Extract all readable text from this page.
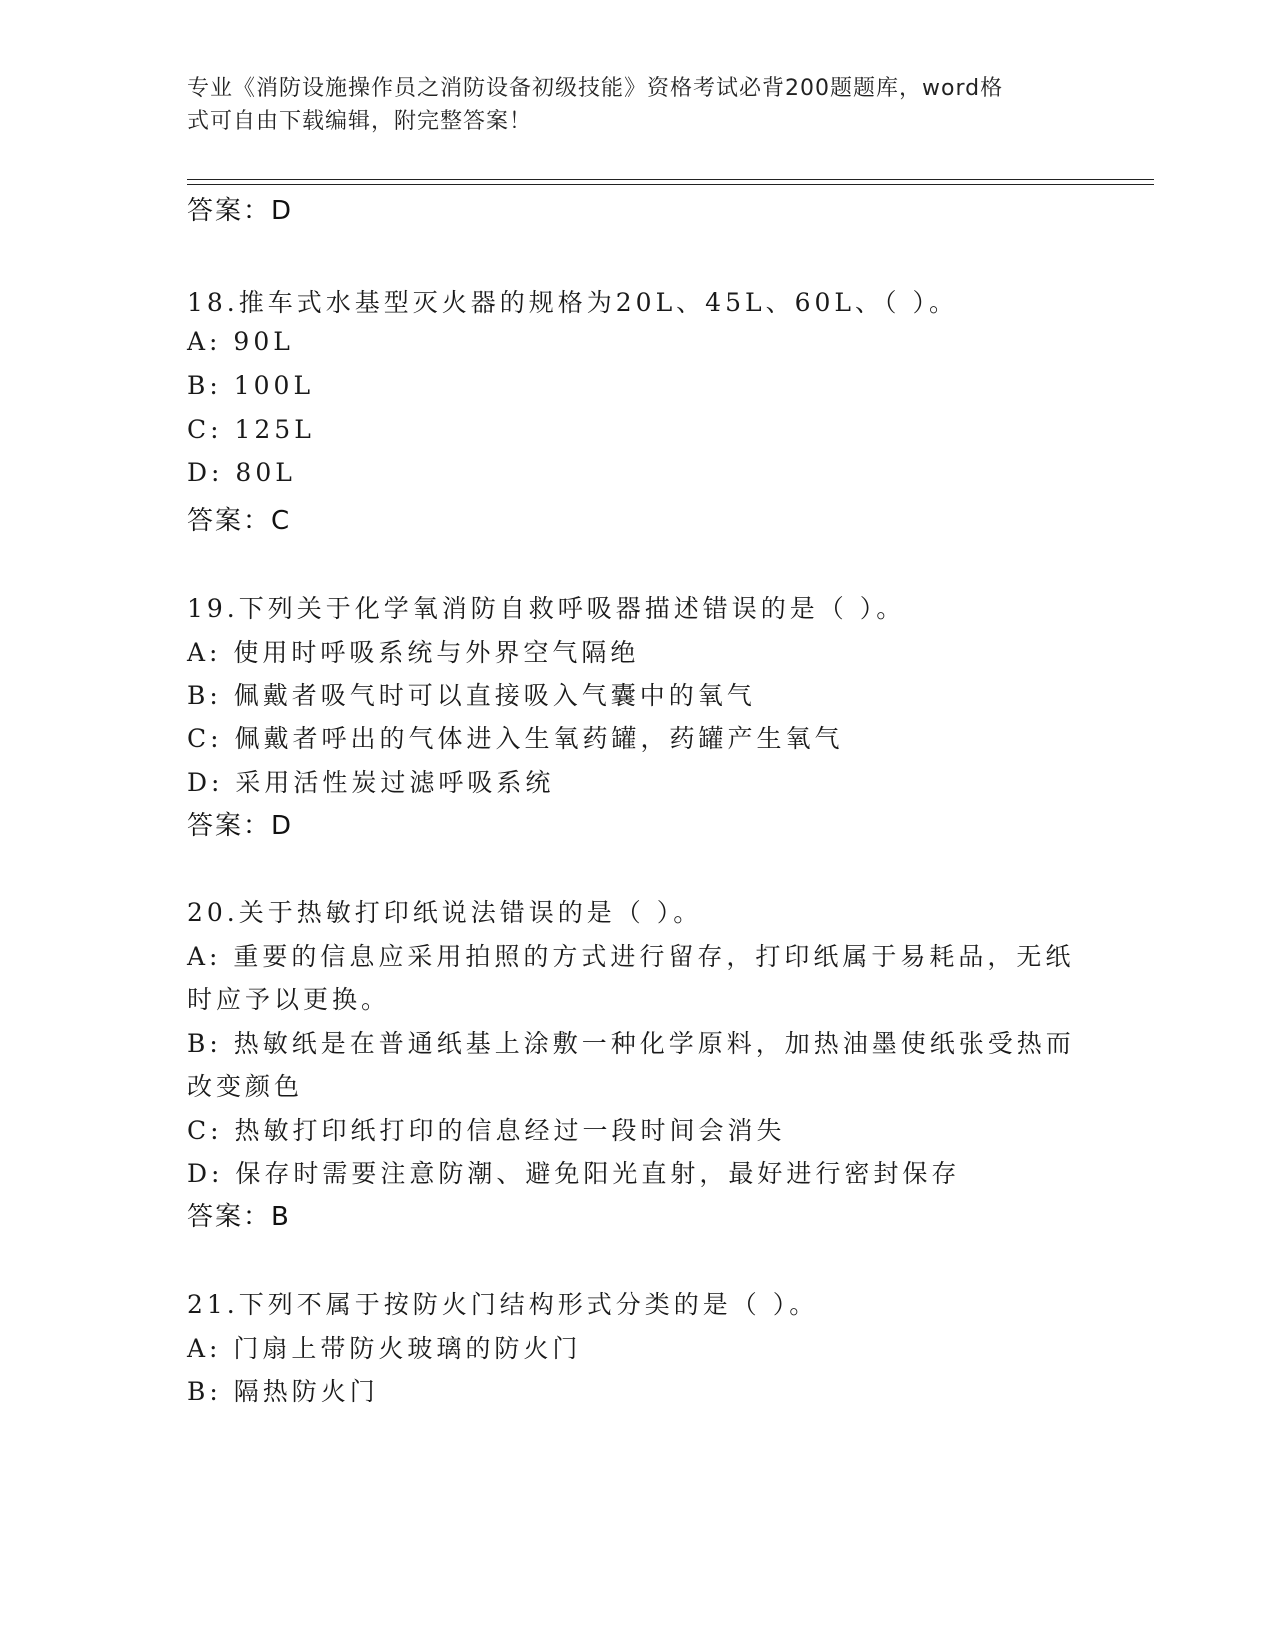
专业《消防设施操作员之消防设备初级技能》资格考试必背200题题库，word格
式可自由下载编辑，附完整答案！
答案：D
18.推车式水基型灭火器的规格为20L、45L、60L、（ ）。
A: 90L
B: 100L
C: 125L
D: 80L
答案：C
19.下列关于化学氧消防自救呼吸器描述错误的是（ ）。
A: 使用时呼吸系统与外界空气隔绝
B: 佩戴者吸气时可以直接吸入气囊中的氧气
C: 佩戴者呼出的气体进入生氧药罐，药罐产生氧气
D: 采用活性炭过滤呼吸系统
答案：D
20.关于热敏打印纸说法错误的是（ ）。
A: 重要的信息应采用拍照的方式进行留存，打印纸属于易耗品，无纸
时应予以更换。
B: 热敏纸是在普通纸基上涂敷一种化学原料，加热油墨使纸张受热而
改变颜色
C: 热敏打印纸打印的信息经过一段时间会消失
D: 保存时需要注意防潮、避免阳光直射，最好进行密封保存
答案：B
21.下列不属于按防火门结构形式分类的是（ ）。
A: 门扇上带防火玻璃的防火门
B: 隔热防火门
